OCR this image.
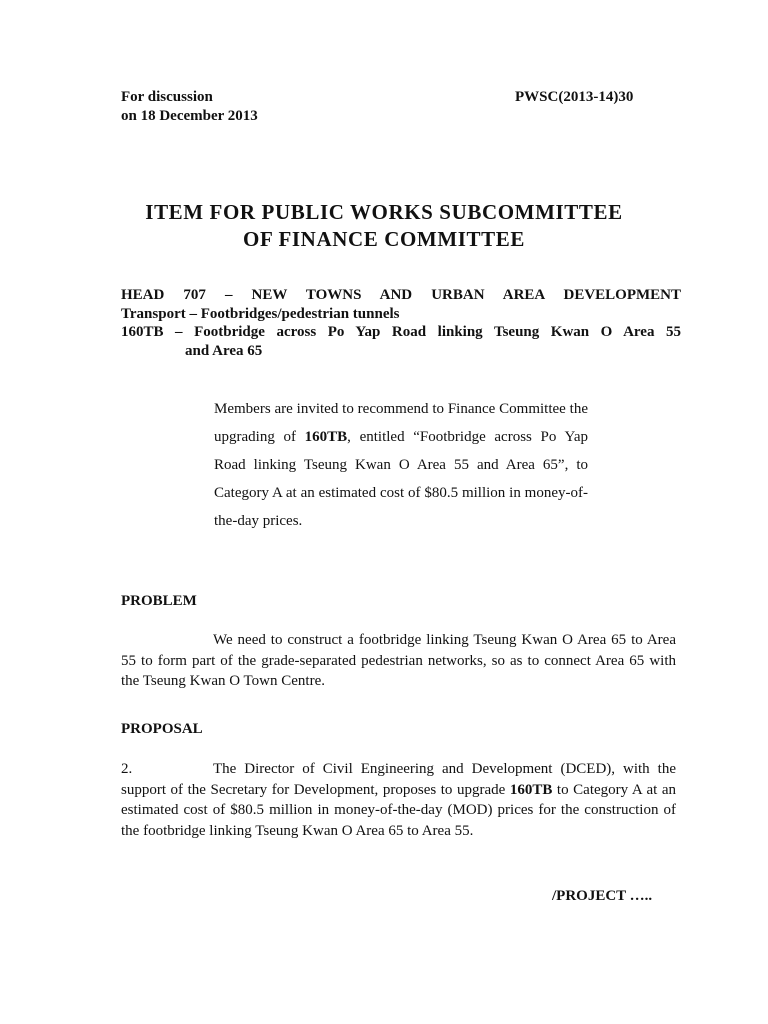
For discussion
on 18 December 2013
PWSC(2013-14)30
ITEM FOR PUBLIC WORKS SUBCOMMITTEE
OF FINANCE COMMITTEE
HEAD 707 – NEW TOWNS AND URBAN AREA DEVELOPMENT
Transport – Footbridges/pedestrian tunnels
160TB – Footbridge across Po Yap Road linking Tseung Kwan O Area 55
and Area 65
Members are invited to recommend to Finance Committee the upgrading of 160TB, entitled “Footbridge across Po Yap Road linking Tseung Kwan O Area 55 and Area 65”, to Category A at an estimated cost of $80.5 million in money-of-the-day prices.
PROBLEM
We need to construct a footbridge linking Tseung Kwan O Area 65 to Area 55 to form part of the grade-separated pedestrian networks, so as to connect Area 65 with the Tseung Kwan O Town Centre.
PROPOSAL
2.	The Director of Civil Engineering and Development (DCED), with the support of the Secretary for Development, proposes to upgrade 160TB to Category A at an estimated cost of $80.5 million in money-of-the-day (MOD) prices for the construction of the footbridge linking Tseung Kwan O Area 65 to Area 55.
/PROJECT …..
